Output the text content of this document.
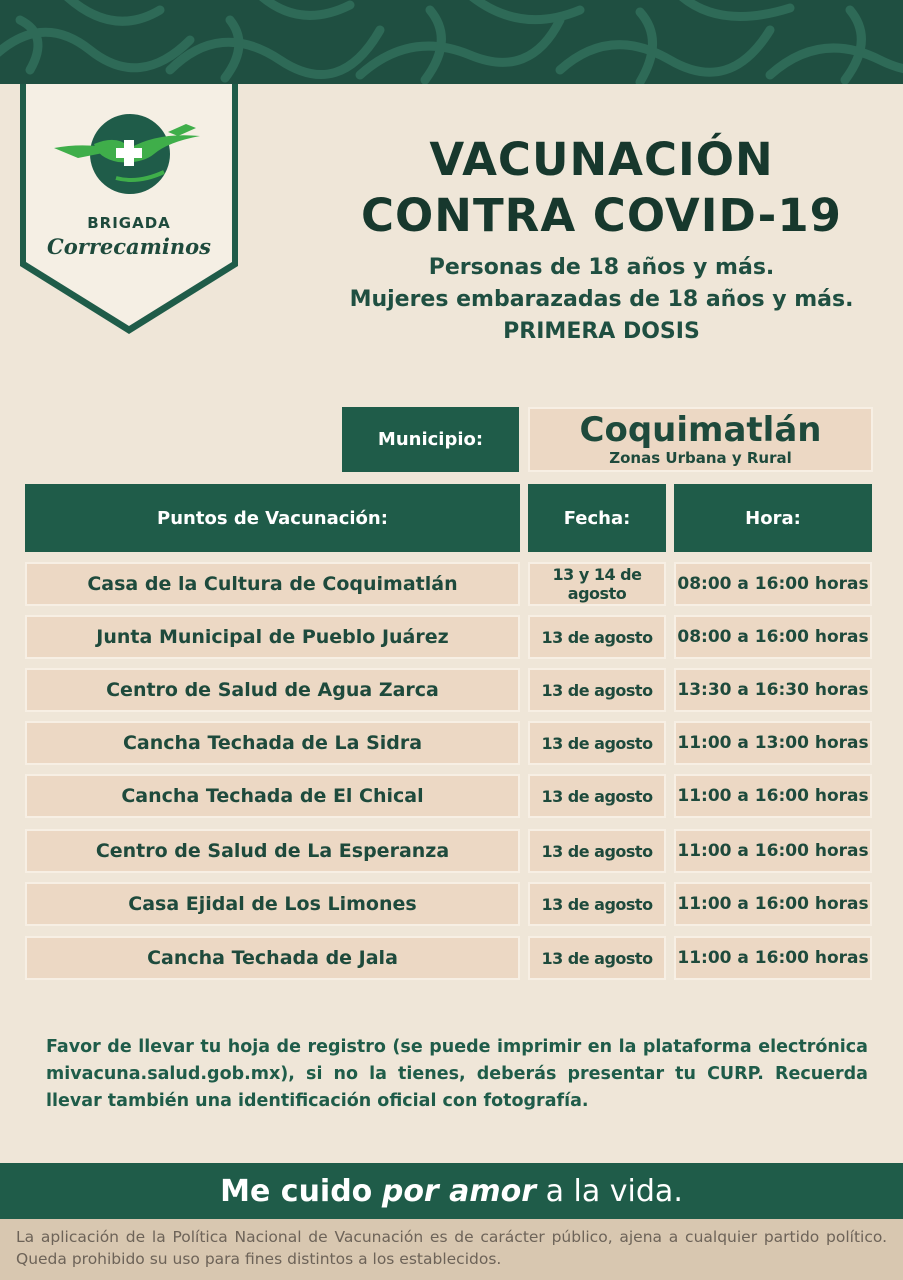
BRIGADA
Correcaminos
VACUNACIÓN
CONTRA COVID-19
Personas de 18 años y más.
Mujeres embarazadas de 18 años y más.
PRIMERA DOSIS
Municipio:	Coquimatlán
Zonas Urbana y Rural
Puntos de Vacunación:	Fecha:	Hora:
Casa de la Cultura de Coquimatlán	13 y 14 de agosto	08:00 a 16:00 horas
Junta Municipal de Pueblo Juárez	13 de agosto	08:00 a 16:00 horas
Centro de Salud de Agua Zarca	13 de agosto	13:30 a 16:30 horas
Cancha Techada de La Sidra	13 de agosto	11:00 a 13:00 horas
Cancha Techada de El Chical	13 de agosto	11:00 a 16:00 horas
Centro de Salud de La Esperanza	13 de agosto	11:00 a 16:00 horas
Casa Ejidal de Los Limones	13 de agosto	11:00 a 16:00 horas
Cancha Techada de Jala	13 de agosto	11:00 a 16:00 horas
Favor de llevar tu hoja de registro (se puede imprimir en la plataforma electrónica mivacuna.salud.gob.mx), si no la tienes, deberás presentar tu CURP. Recuerda llevar también una identificación oficial con fotografía.
Me cuido por amor a la vida.
La aplicación de la Política Nacional de Vacunación es de carácter público, ajena a cualquier partido político. Queda prohibido su uso para fines distintos a los establecidos.
